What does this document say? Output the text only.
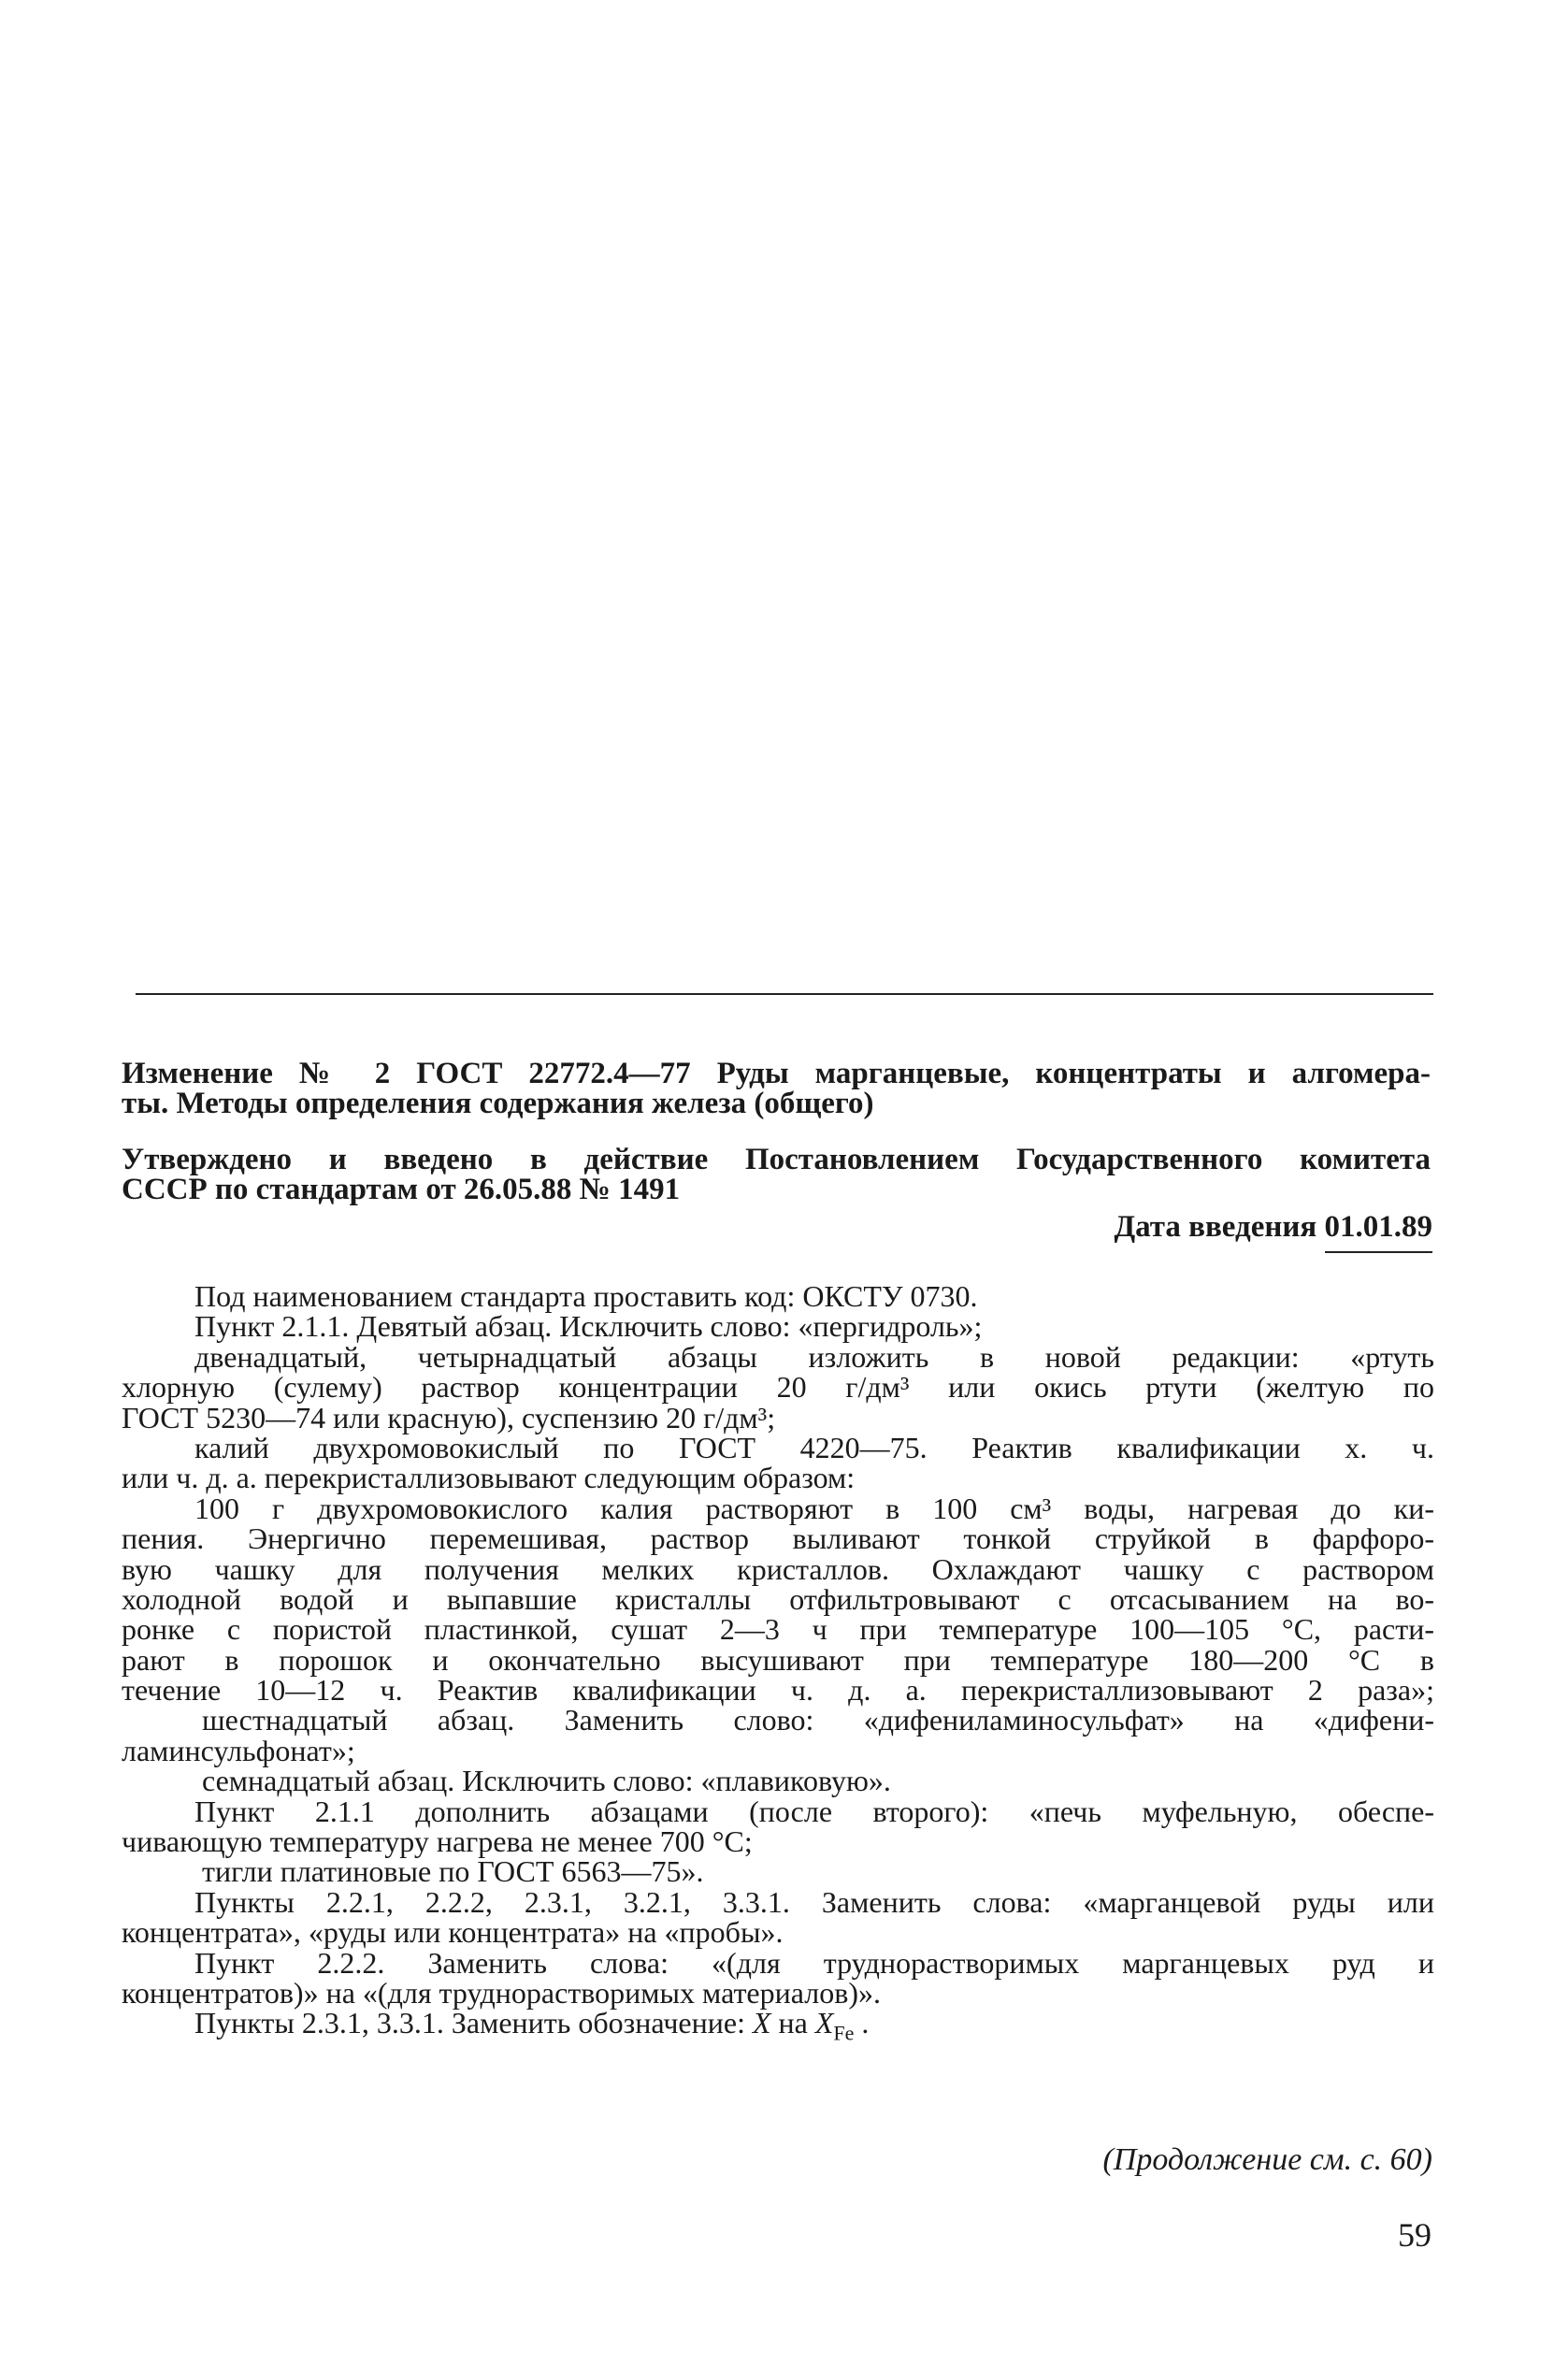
Изменение № 2 ГОСТ 22772.4—77 Руды марганцевые, концентраты и алгомера-
ты. Методы определения содержания железа (общего)
Утверждено и введено в действие Постановлением Государственного комитета
СССР по стандартам от 26.05.88 № 1491
Дата введения 01.01.89
Под наименованием стандарта проставить код: ОКСТУ 0730.
Пункт 2.1.1. Девятый абзац. Исключить слово: «пергидроль»;
двенадцатый, четырнадцатый абзацы изложить в новой редакции: «ртуть
хлорную (сулему) раствор концентрации 20 г/дм³ или окись ртути (желтую по
ГОСТ 5230—74 или красную), суспензию 20 г/дм³;
калий двухромовокислый по ГОСТ 4220—75. Реактив квалификации х. ч.
или ч. д. а. перекристаллизовывают следующим образом:
100 г двухромовокислого калия растворяют в 100 см³ воды, нагревая до ки-
пения. Энергично перемешивая, раствор выливают тонкой струйкой в фарфоро-
вую чашку для получения мелких кристаллов. Охлаждают чашку с раствором
холодной водой и выпавшие кристаллы отфильтровывают с отсасыванием на во-
ронке с пористой пластинкой, сушат 2—3 ч при температуре 100—105 °С, расти-
рают в порошок и окончательно высушивают при температуре 180—200 °С в
течение 10—12 ч. Реактив квалификации ч. д. а. перекристаллизовывают 2 раза»;
шестнадцатый абзац. Заменить слово: «дифениламиносульфат» на «дифени-
ламинсульфонат»;
семнадцатый абзац. Исключить слово: «плавиковую».
Пункт 2.1.1 дополнить абзацами (после второго): «печь муфельную, обеспе-
чивающую температуру нагрева не менее 700 °С;
тигли платиновые по ГОСТ 6563—75».
Пункты 2.2.1, 2.2.2, 2.3.1, 3.2.1, 3.3.1. Заменить слова: «марганцевой руды или
концентрата», «руды или концентрата» на «пробы».
Пункт 2.2.2. Заменить слова: «(для труднорастворимых марганцевых руд и
концентратов)» на «(для труднорастворимых материалов)».
Пункты 2.3.1, 3.3.1. Заменить обозначение: X на $X_{Fe}$ .
(Продолжение см. с. 60)
59
